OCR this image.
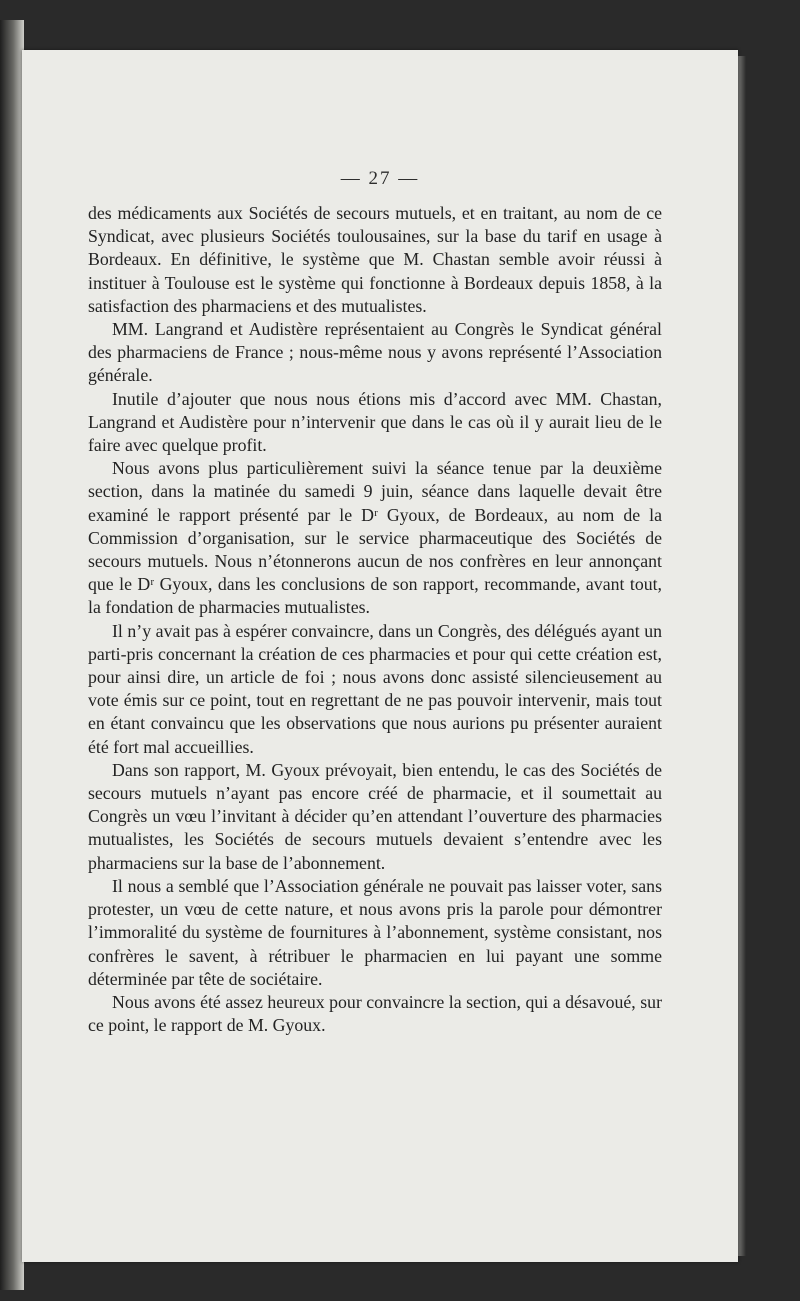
— 27 —

des médicaments aux Sociétés de secours mutuels, et en traitant, au nom de ce Syndicat, avec plusieurs Sociétés toulousaines, sur la base du tarif en usage à Bordeaux. En définitive, le système que M. Chastan semble avoir réussi à instituer à Toulouse est le système qui fonctionne à Bordeaux depuis 1858, à la satisfaction des pharmaciens et des mutualistes.

MM. Langrand et Audistère représentaient au Congrès le Syndicat général des pharmaciens de France ; nous-même nous y avons représenté l’Association générale.

Inutile d’ajouter que nous nous étions mis d’accord avec MM. Chastan, Langrand et Audistère pour n’intervenir que dans le cas où il y aurait lieu de le faire avec quelque profit.

Nous avons plus particulièrement suivi la séance tenue par la deuxième section, dans la matinée du samedi 9 juin, séance dans laquelle devait être examiné le rapport présenté par le Dʳ Gyoux, de Bordeaux, au nom de la Commission d’organisation, sur le service pharmaceutique des Sociétés de secours mutuels. Nous n’étonnerons aucun de nos confrères en leur annonçant que le Dʳ Gyoux, dans les conclusions de son rapport, recommande, avant tout, la fondation de pharmacies mutualistes.

Il n’y avait pas à espérer convaincre, dans un Congrès, des délégués ayant un parti-pris concernant la création de ces pharmacies et pour qui cette création est, pour ainsi dire, un article de foi ; nous avons donc assisté silencieusement au vote émis sur ce point, tout en regrettant de ne pas pouvoir intervenir, mais tout en étant convaincu que les observations que nous aurions pu présenter auraient été fort mal accueillies.

Dans son rapport, M. Gyoux prévoyait, bien entendu, le cas des Sociétés de secours mutuels n’ayant pas encore créé de pharmacie, et il soumettait au Congrès un vœu l’invitant à décider qu’en attendant l’ouverture des pharmacies mutualistes, les Sociétés de secours mutuels devaient s’entendre avec les pharmaciens sur la base de l’abonnement.

Il nous a semblé que l’Association générale ne pouvait pas laisser voter, sans protester, un vœu de cette nature, et nous avons pris la parole pour démontrer l’immoralité du système de fournitures à l’abonnement, système consistant, nos confrères le savent, à rétribuer le pharmacien en lui payant une somme déterminée par tête de sociétaire.

Nous avons été assez heureux pour convaincre la section, qui a désavoué, sur ce point, le rapport de M. Gyoux.
